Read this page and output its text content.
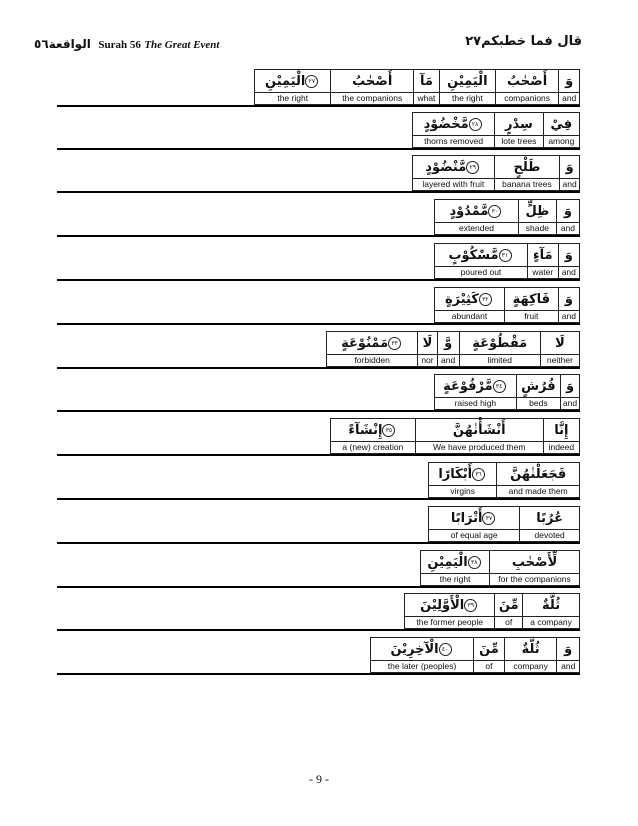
الواقعة٥٦ Surah 56 The Great Event	قال فما خطبكم٢٧
٢٧الْيَمِيْنِ	أَصْحٰبُ	مَآ	الْيَمِيْنِ	أَصْحٰبُ	وَ
the right	the companions	what	the right	companions	and
٢٨مَّخْضُوْدٍ	سِدْرٍ	فِيْ
thorns removed	lote trees	among
٢٩مَّنْضُوْدٍ	طَلْحٍ	وَ
layered with fruit	banana trees	and
٣٠مَّمْدُوْدٍ	ظِلٍّ	وَ
extended	shade	and
٣١مَّسْكُوْبٍ	مَآءٍ	وَ
poured out	water	and
٣٢كَثِيْرَةٍ	فَاكِهَةٍ	وَ
abundant	fruit	and
٣٣مَمْنُوْعَةٍ	لَا	وَّ	مَقْطُوْعَةٍ	لَا
forbidden	nor	and	limited	neither
٣٤مَّرْفُوْعَةٍ	فُرُشٍ	وَ
raised high	beds	and
٣٥إِنْشَآءً	أَنْشَأْنٰهُنَّ	إِنَّا
a (new) creation	We have produced them	indeed
٣٦أَبْكَارًا	فَجَعَلْنٰهُنَّ
virgins	and made them
٣٧أَتْرَابًا	عُرُبًا
of equal age	devoted
٣٨الْيَمِيْنِ	لِّأَصْحٰبِ
the right	for the companions
٣٩الْأَوَّلِيْنَ	مِّنَ	ثُلَّةٌ
the former people	of	a company
٤٠الْآخِرِيْنَ	مِّنَ	ثُلَّةٌ	وَ
the later (peoples)	of	company	and
- 9 -
